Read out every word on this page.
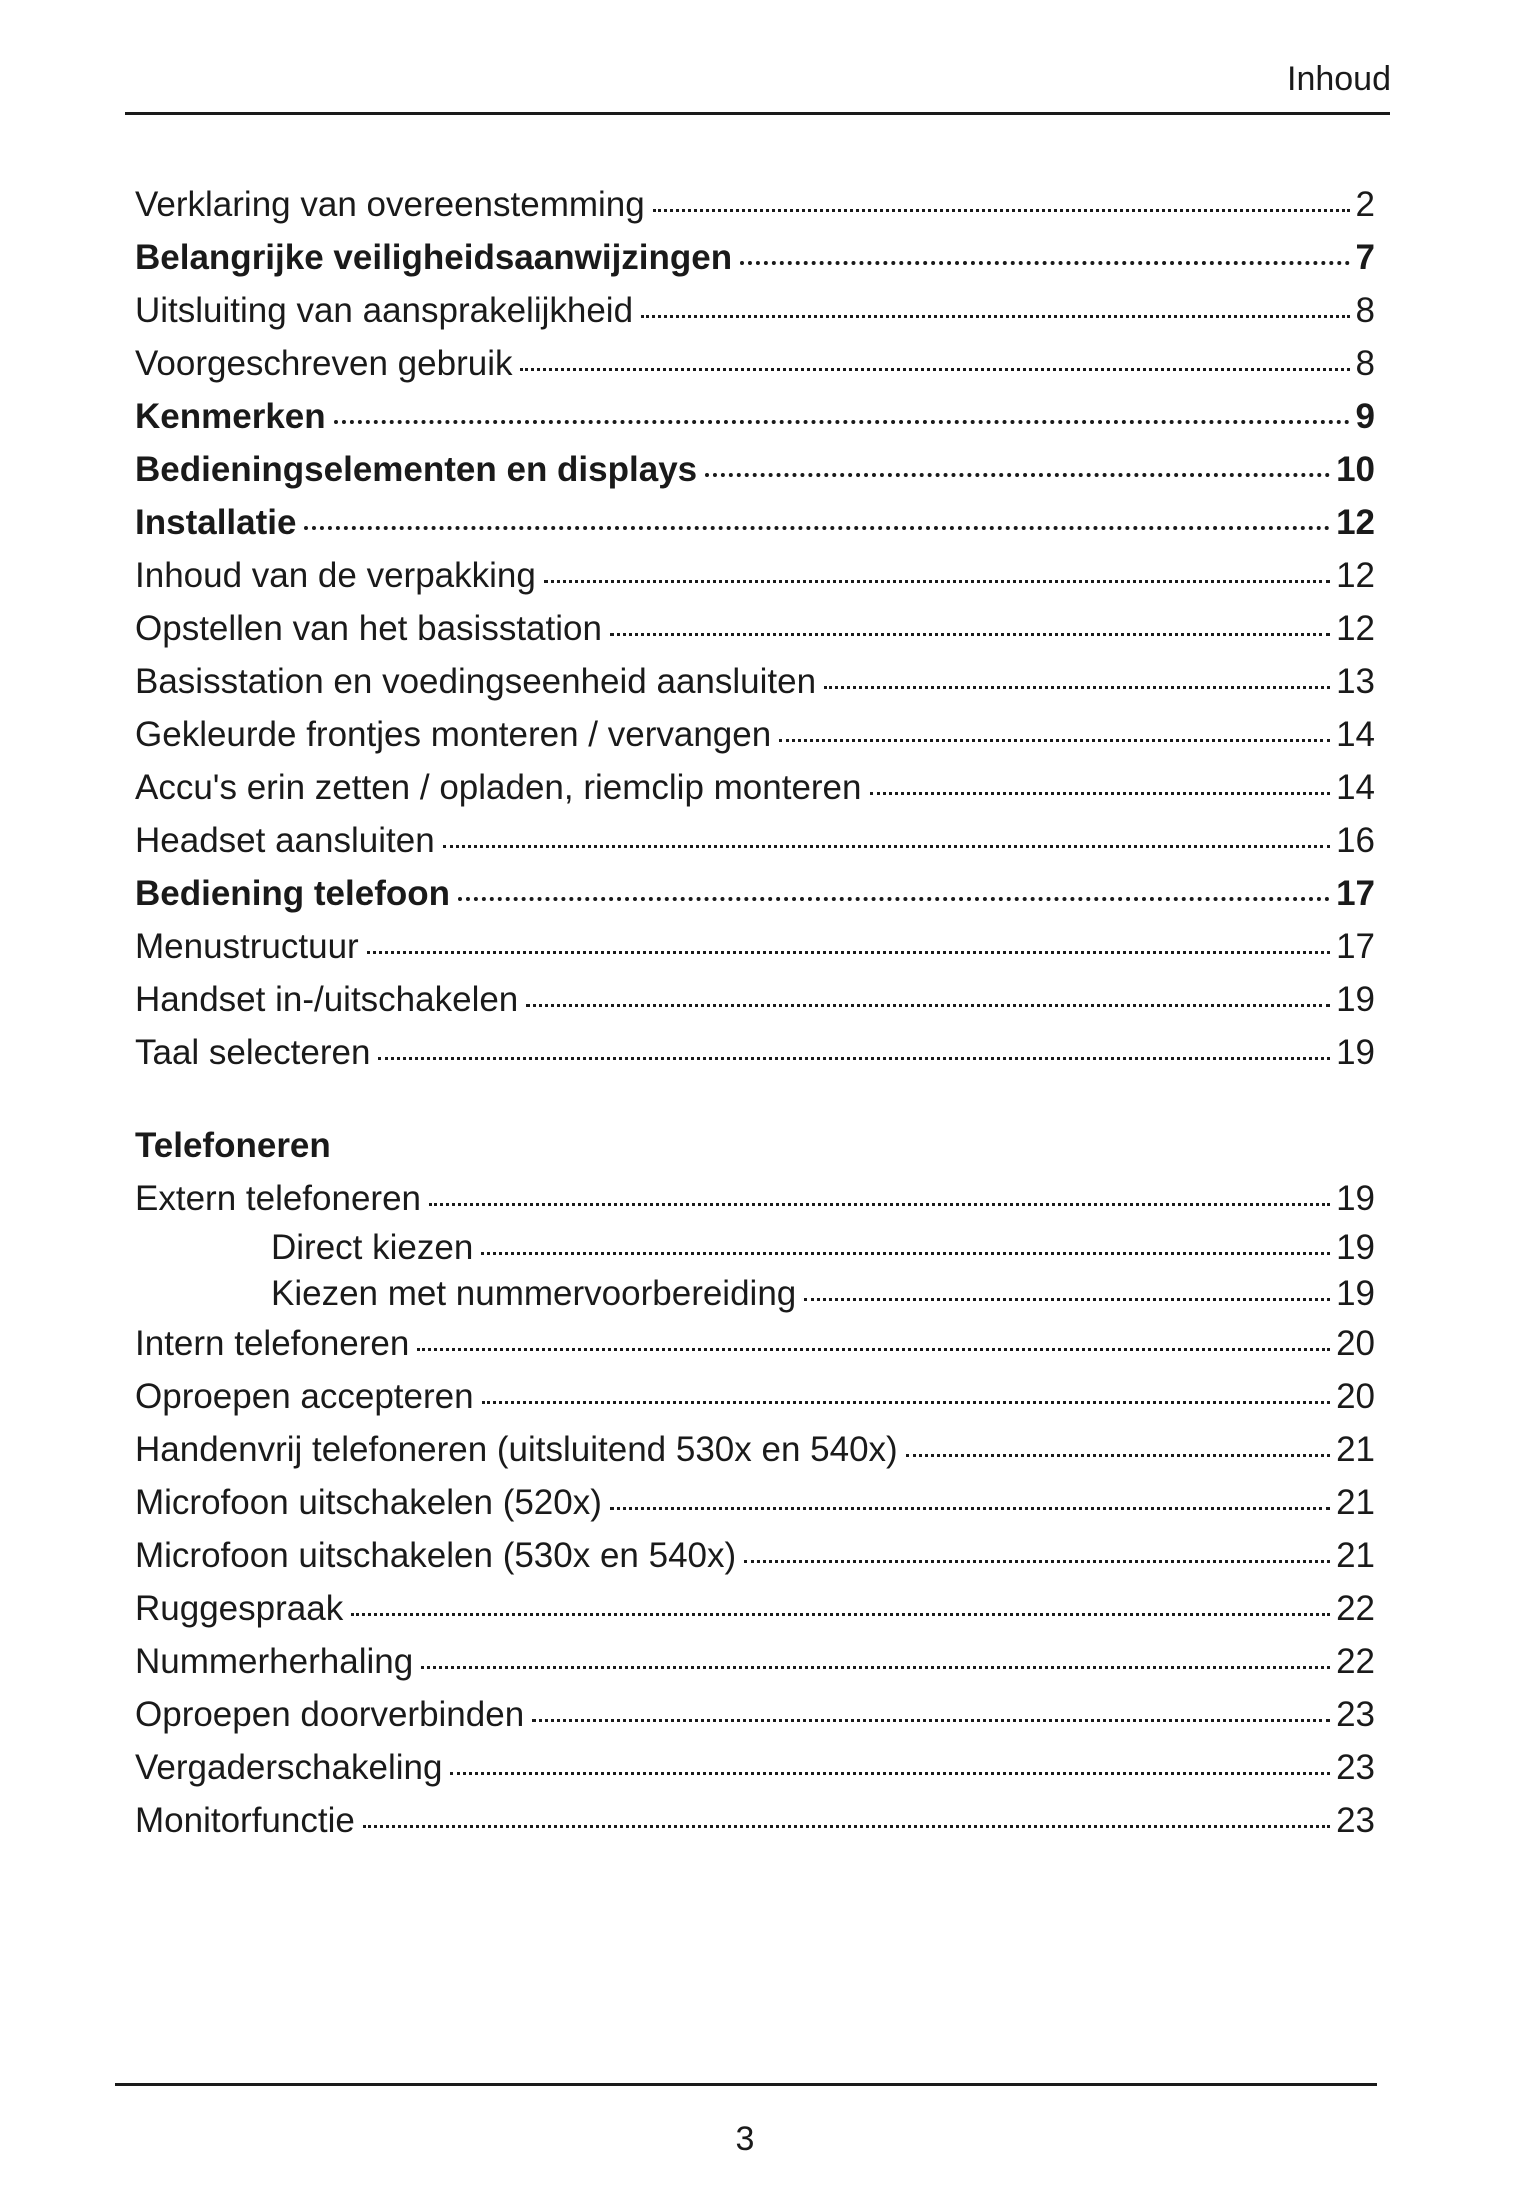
Inhoud
Verklaring van overeenstemming	2
Belangrijke veiligheidsaanwijzingen	7
Uitsluiting van aansprakelijkheid	8
Voorgeschreven gebruik	8
Kenmerken	9
Bedieningselementen en displays	10
Installatie	12
Inhoud van de verpakking	12
Opstellen van het basisstation	12
Basisstation en voedingseenheid aansluiten	13
Gekleurde frontjes monteren / vervangen	14
Accu's erin zetten / opladen, riemclip monteren	14
Headset aansluiten	16
Bediening telefoon	17
Menustructuur	17
Handset in-/uitschakelen	19
Taal selecteren	19
Telefoneren
Extern telefoneren	19
Direct kiezen	19
Kiezen met nummervoorbereiding	19
Intern telefoneren	20
Oproepen accepteren	20
Handenvrij telefoneren (uitsluitend 530x en 540x)	21
Microfoon uitschakelen (520x)	21
Microfoon uitschakelen (530x en 540x)	21
Ruggespraak	22
Nummerherhaling	22
Oproepen doorverbinden	23
Vergaderschakeling	23
Monitorfunctie	23
3
